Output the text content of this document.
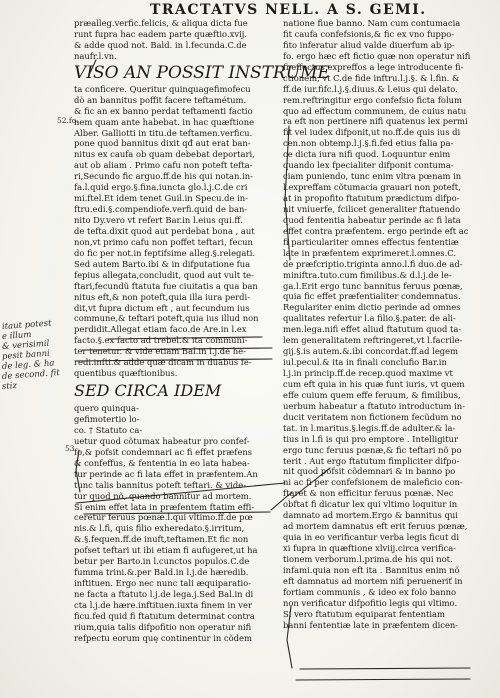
TRACTATVS NELL. A S. GEMI.
52.fo.
53
præalleg.verfic.felicis, & aliqua dicta fue
runt fupra hac eadem parte quæftio.xvij.
& adde quod not. Bald. in l.fecunda.C.de
naufr.l.vn.
VISO AN POSSIT INSTRUME
ta conficere. Queritur quinquagefimofecu
dò an bannitus poffit facere teftamétum.
& fic an ex banno perdat teftamenti factio
nem quam ante habebat. in hac quæftione
Alber. Galliotti in titu.de teftamen.verficu.
pone quod bannitus dixit qđ aut erat ban-
nitus ex caufa ob quam debebat deportari,
aut ob aliam . Primo cafu non poteft tefta-
ri,Secundo fic arguo.ff.de his qui notan.in-
fa.l.quid ergo.§.fina.iuncta glo.l.j.C.de cri
mi.ftel.Et idem tenet Guil.in Specu.de in-
ftru.edi.§.compendiofe.verfi.quid de ban-
nito Dy.vero vt refert Bar.in l.eius qui.ff.
de tefta.dixit quod aut perdebat bona , aut
non,vt primo cafu non poffet teftari, fecun
do fic per not.in feptifsime alleg.§.relegati.
Sed autem Barto.ibi & in difputatione fua
fepius allegata,concludit, quod aut vult te-
ftari,fecundũ ftatuta fue ciuitatis a qua ban
nitus eft,& non poteft,quia illa iura perdi-
dit,vt fupra dictum eft , aut fecundum ius
commune,& teftari poteft,quia ius illud non
perdidit.Allegat etiam faco.de Are.in l.ex
facto.§.ex facto ad trebel.& ita communi-
ter tenetur. & vide etiam Bal.in l.j.de he-
redi.infti.& adde quæ dicam in duabus fe-
quentibus quæftionibus.
SED CIRCA IDEM
quero quinqua-
gefimotertio lo-
co. † Statuto ca-
uetur quod cõtumax habeatur pro confef-
fo,& pofsit condemnari ac fi effet præfens
& confeffus, & fententia in eo lata habea-
tur perinde ac fi lata effet in præfentem.An
tunc talis bannitus poteft teftari. & vide-
tur quod nõ, quando bannitur ad mortem.
Si enim effet lata in præfentem ftatim effi-
ceretur feruus pœnæ.l.qui vltimo.ff.de pœ
nis.& l.fi, quis filio exheredato.§.irritum,
&.§.fequen.ff.de inuft,teftamen.Et fic non
pofset teftari ut ibi etiam fi aufugeret,ut ha
betur per Barto.in l.cunctos populos.C.de
fumma trini.&.per Bald.in l.j.de hæredib.
inftituen. Ergo nec nunc tali æquiparatio-
ne facta a ftatuto l.j.de lega.j.Sed Bal.in di
cta l.j.de hære.inftituen.iuxta finem in ver
ficu.fed quid fi ftatutum determinat contra
rium,quia talis difpofitio non operatur nifi
refpectu eorum quę continentur in cõdem
natione fiue banno. Nam cum contumacia
fit caufa confefsionis,& fic ex vno fuppo-
fito inferatur aliud valde diuerfum ab ip-
fo. ergo hæc eft fictio quæ non operatur nifi
fi effectus expreffos a lege introducente fi-
ctionem, vt C.de fide inftru.l.j.§. & l.fin. &
ff.de iur.fifc.l.j.§.diuus.& l.eius qui delato.
rem.reftringitur ergo confefsio ficta folum
quo ad effectum communem, de cuius natu
ra eft non pertinere nifi quatenus lex permi
fit vel iudex difponit,ut no.ff.de quis ius di
cen.non obtemp.l.j.§.fi.fed etius falia pa-
ce dicta iura nifi quod. Loquuntur enim
quando lex fpecialiter difponit contuma-
ciam puniendo, tunc enim vltra pœnam in
l.expreffam cõtumacia grauari non poteft,
at in propofito ftatutum prædictum difpo-
nit vniuerfe, fcilicet generaliter ftatuendo
quod fententia habeatur perinde ac fi lata
effet contra præfentem. ergo perinde eft ac
fi particulariter omnes effectus fententiæ
late in præfentem exprimeret.l.omnes.C.
de præfcriptio.triginta anno.l.fi duo.de ad-
miniftra.tuto.cum fimilibus.& d.l.j.de le-
ga.l.Erit ergo tunc bannitus feruus pœnæ,
quia fic effet præfentialiter condemnatus.
Regulariter enim dictio perinde ad omnes
qualitates refertur l.a filio.§.pater. de ali-
men.lega.nifi effet aliud ftatutum quod ta-
lem generalitatem reftringeret,vt l.facrile-
gij.§.is autem.&.ibi concordat.ff.ad legem
iul.pecul.& ita in finali conclufio Bar.in
l.j.in princip.ff.de recep.quod maxime vt
cum eft quia in his quæ funt iuris, vt quem
effe cuium quem effe feruum, & fimilibus,
uerbum habeatur a ftatuto introductum in-
ducit veritatem non fictionem fecũdum no
tat. in l.maritus.§.legis.ff.de adulter.& la-
tius in l.fi is qui pro emptore . Intelligitur
ergo tunc feruus pœnæ,& fic teftari nõ po
terit . Aut ergo ftatutum fimpliciter difpo-
nit quod pofsit cõdemnari & in banno po
ni ac fi per confefsionem de maleficio con-
ftaret & non efficitur feruus pœnæ. Nec
obftat fi dicatur lex qui vltimo loquitur in
damnato ad mortem.Ergo & bannitus qui
ad mortem damnatus eft erit feruus pœnæ,
quia in eo verificantur verba legis ficut di
xi fupra in quæftione xlviij.circa verifica-
tionem verborum.l.prima.de his qui not.
infami.quia non eft ita . Bannitus enim nõ
eft damnatus ad mortem nifi perueneriť in
fortiam communis , & ideo ex folo banno
non verificatur difpofitio legis qui vltimo.
Si vero ftatutum equiparat fententiam
banni fententiæ late in præfentem dicen-
itaut potest
e illum
& verisimil
pesit banni
de leg. & ha
de second. fit
stiz
